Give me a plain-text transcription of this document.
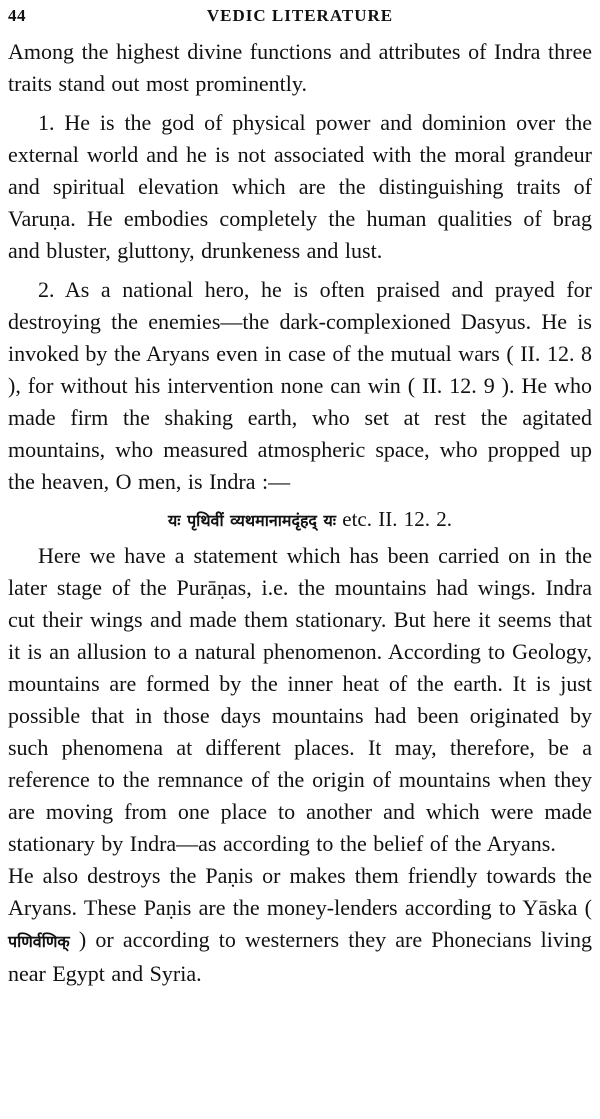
44	VEDIC LITERATURE

Among the highest divine functions and attributes of Indra three traits stand out most prominently.

1. He is the god of physical power and dominion over the external world and he is not associated with the moral grandeur and spiritual elevation which are the distinguishing traits of Varuṇa. He embodies completely the human qualities of brag and bluster, gluttony, drunkeness and lust.

2. As a national hero, he is often praised and prayed for destroying the enemies—the dark-complexioned Dasyus. He is invoked by the Aryans even in case of the mutual wars ( II. 12. 8 ), for without his intervention none can win ( II. 12. 9 ). He who made firm the shaking earth, who set at rest the agitated mountains, who measured atmospheric space, who propped up the heaven, O men, is Indra :—

यः पृथिवीं व्यथमानामदृंहद् यः etc. II. 12. 2.

Here we have a statement which has been carried on in the later stage of the Purāṇas, i.e. the mountains had wings. Indra cut their wings and made them stationary. But here it seems that it is an allusion to a natural phenomenon. According to Geology, mountains are formed by the inner heat of the earth. It is just possible that in those days mountains had been originated by such phenomena at different places. It may, therefore, be a reference to the remnance of the origin of mountains when they are moving from one place to another and which were made stationary by Indra—as according to the belief of the Aryans.

He also destroys the Paṇis or makes them friendly towards the Aryans. These Paṇis are the money-lenders according to Yāska ( पणिर्वणिक् ) or according to westerners they are Phonecians living near Egypt and Syria.
